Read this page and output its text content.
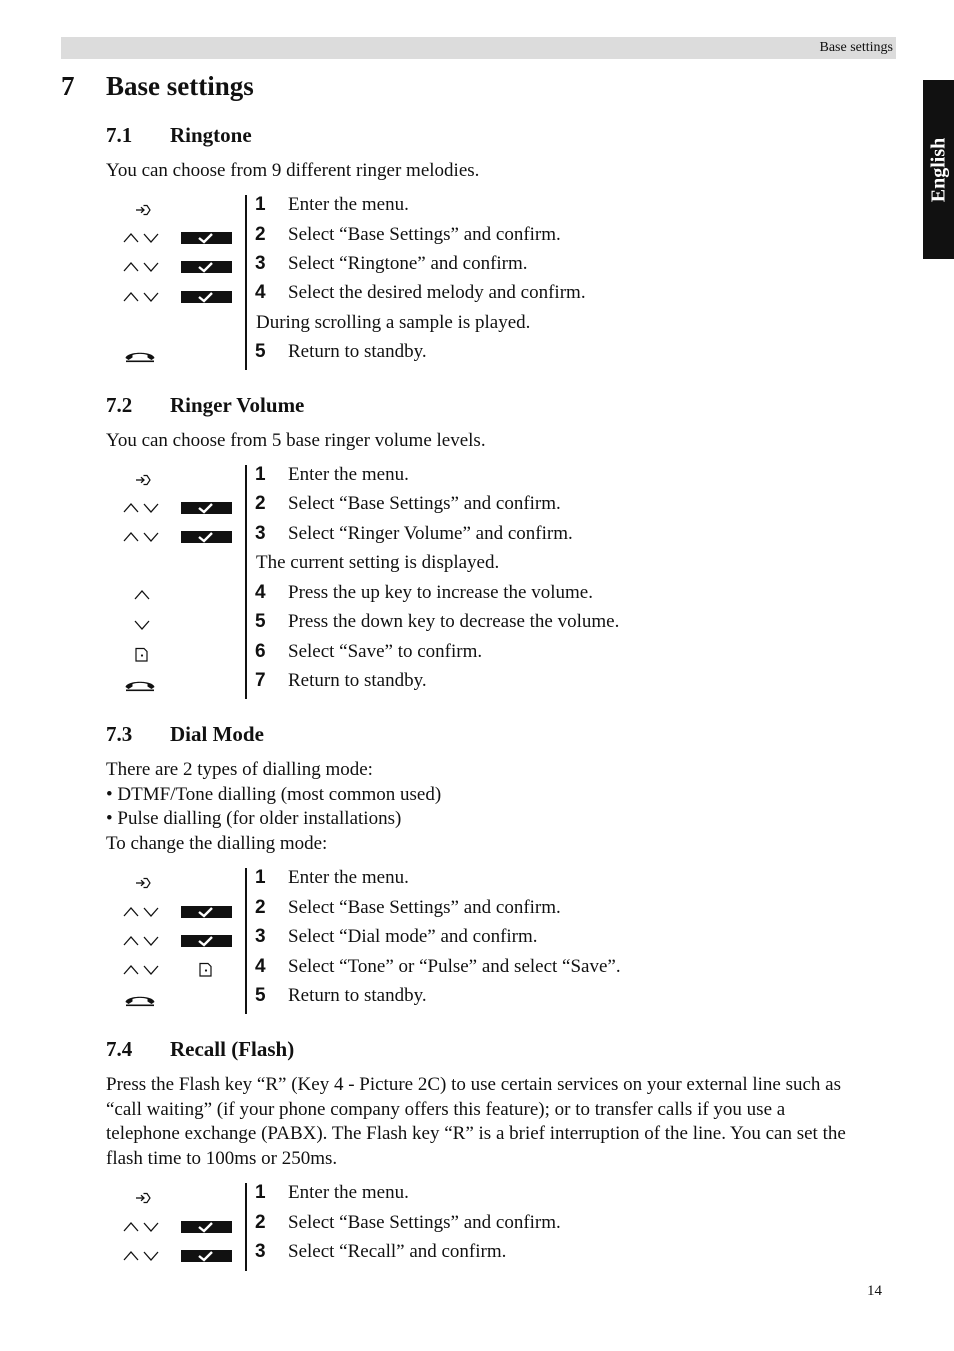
Base settings
English
7 Base settings
7.1 Ringtone
You can choose from 9 different ringer melodies.
1 Enter the menu.
2 Select “Base Settings” and confirm.
3 Select “Ringtone” and confirm.
4 Select the desired melody and confirm.
During scrolling a sample is played.
5 Return to standby.
7.2 Ringer Volume
You can choose from 5 base ringer volume levels.
1 Enter the menu.
2 Select “Base Settings” and confirm.
3 Select “Ringer Volume” and confirm.
The current setting is displayed.
4 Press the up key to increase the volume.
5 Press the down key to decrease the volume.
6 Select “Save” to confirm.
7 Return to standby.
7.3 Dial Mode
There are 2 types of dialling mode:
• DTMF/Tone dialling (most common used)
• Pulse dialling (for older installations)
To change the dialling mode:
1 Enter the menu.
2 Select “Base Settings” and confirm.
3 Select “Dial mode” and confirm.
4 Select “Tone” or “Pulse” and select “Save”.
5 Return to standby.
7.4 Recall (Flash)
Press the Flash key “R” (Key 4 - Picture 2C) to use certain services on your external line such as
“call waiting” (if your phone company offers this feature); or to transfer calls if you use a
telephone exchange (PABX). The Flash key “R” is a brief interruption of the line. You can set the
flash time to 100ms or 250ms.
1 Enter the menu.
2 Select “Base Settings” and confirm.
3 Select “Recall” and confirm.
14
